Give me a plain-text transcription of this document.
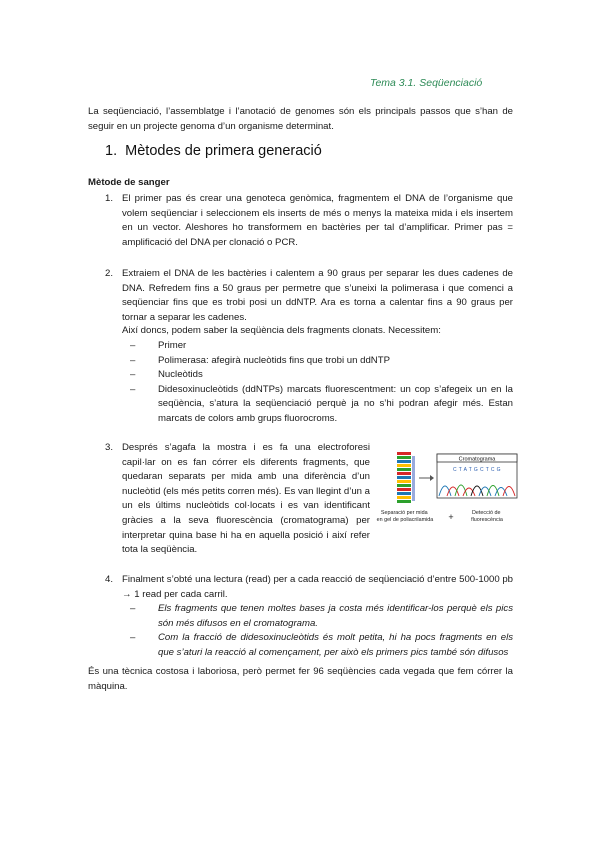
Tema 3.1. Seqüenciació
La seqüenciació, l’assemblatge i l’anotació de genomes són els principals passos que s’han de seguir en un projecte genoma d’un organisme determinat.
1. Mètodes de primera generació
Mètode de sanger
1. El primer pas és crear una genoteca genòmica, fragmentem el DNA de l’organisme que volem seqüenciar i seleccionem els inserts de més o menys la mateixa mida i els insertem en un vector. Aleshores ho transformem en bactèries per tal d’amplificar. Primer pas = amplificació del DNA per clonació o PCR.
2. Extraiem el DNA de les bactèries i calentem a 90 graus per separar les dues cadenes de DNA. Refredem fins a 50 graus per permetre que s’uneixi la polimerasa i que comenci a seqüenciar fins que es trobi posi un ddNTP. Ara es torna a calentar fins a 90 graus per tornar a separar les cadenes.
Així doncs, podem saber la seqüència dels fragments clonats. Necessitem:
–	Primer
–	Polimerasa: afegirà nucleòtids fins que trobi un ddNTP
–	Nucleòtids
–	Didesoxinucleòtids (ddNTPs) marcats fluorescentment: un cop s’afegeix un en la seqüència, s’atura la seqüenciació perquè ja no s’hi podran afegir més. Estan marcats de colors amb grups fluorocroms.
3. Després s’agafa la mostra i es fa una electroforesi capil·lar on es fan córrer els diferents fragments, que quedaran separats per mida amb una diferència d’un nucleòtid (els més petits corren més). Es van llegint d’un a un els últims nucleòtids col·locats i es van identificant gràcies a la seva fluorescència (cromatograma) per interpretar quina base hi ha en aquella posició i així refer tota la seqüència.
Cromatograma
C T A T G C T C G
Separació per mida en gel de poliacrilamida +	Detecció de fluorescència
4. Finalment s’obté una lectura (read) per a cada reacció de seqüenciació d’entre 500-1000 pb → 1 read per cada carril.
–	Els fragments que tenen moltes bases ja costa més identificar-los perquè els pics són més difusos en el cromatograma.
–	Com la fracció de didesoxinucleòtids és molt petita, hi ha pocs fragments en els que s’aturi la reacció al començament, per això els primers pics també són difusos
És una tècnica costosa i laboriosa, però permet fer 96 seqüències cada vegada que fem córrer la màquina.
